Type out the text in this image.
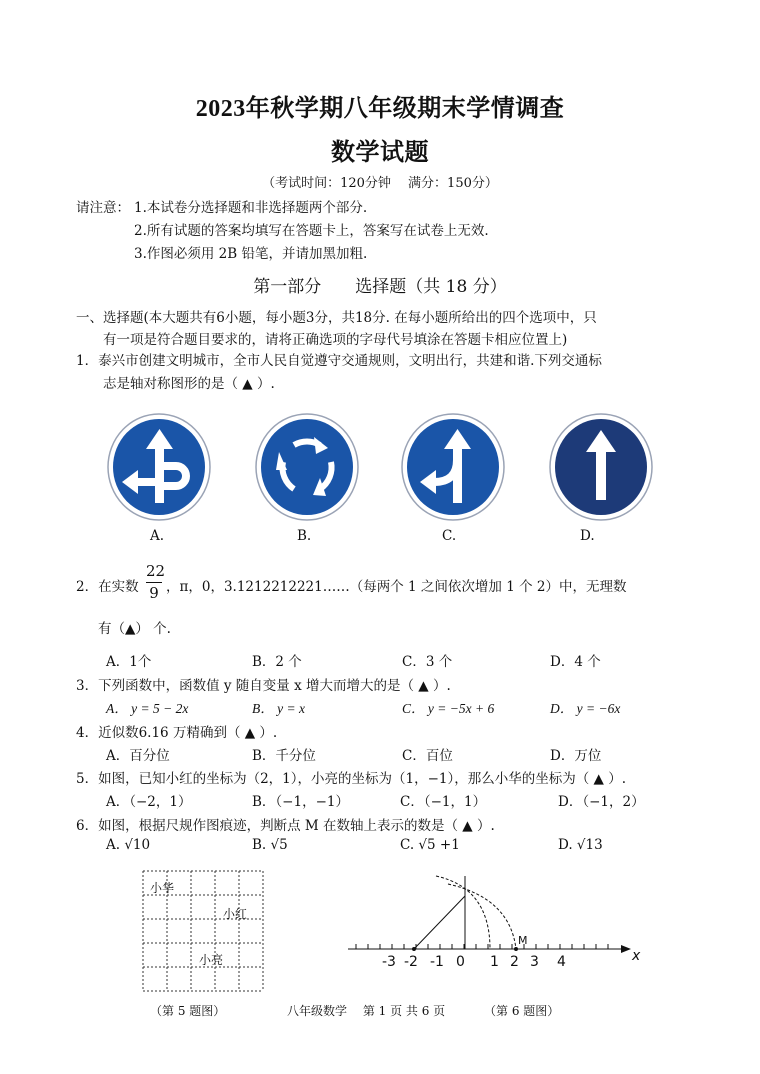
2023年秋学期八年级期末学情调查
数学试题
（考试时间：120分钟　 满分：150分）
请注意： 1.本试卷分选择题和非选择题两个部分.
2.所有试题的答案均填写在答题卡上，答案写在试卷上无效.
3.作图必须用 2B 铅笔，并请加黑加粗.
第一部分　　选择题（共 18 分）
一、选择题(本大题共有6小题，每小题3分，共18分. 在每小题所给出的四个选项中，只
有一项是符合题目要求的，请将正确选项的字母代号填涂在答题卡相应位置上)
1．泰兴市创建文明城市，全市人民自觉遵守交通规则，文明出行，共建和谐.下列交通标
志是轴对称图形的是（ ▲ ）.
A.	B.	C.	D.
2．在实数
22
9 ，π，0，3.1212212221……（每两个 1 之间依次增加 1 个 2）中，无理数
有（▲） 个.
A．1个	B．2 个	C．3 个	D．4 个
3．下列函数中，函数值 y 随自变量 x 增大而增大的是（ ▲ ）.
A． y = 5 − 2x	B． y = x	C． y = −5x + 6	D． y = −6x
4．近似数6.16 万精确到（ ▲ ）.
A．百分位	B．千分位	C．百位	D．万位
5．如图，已知小红的坐标为（2，1），小亮的坐标为（1，−1），那么小华的坐标为（ ▲ ）.
A．（−2，1）	B．（−1，−1）	C．（−1，1）	D．（−1，2）
6．如图，根据尺规作图痕迹，判断点 M 在数轴上表示的数是（ ▲ ）.
A. √10	B. √5	C. √5 +1	D. √13
小华
小红
小亮
（第 5 题图）
-3 -2 -1 0 1 2 3 4
M
x
（第 6 题图）
八年级数学　 第 1 页 共 6 页
